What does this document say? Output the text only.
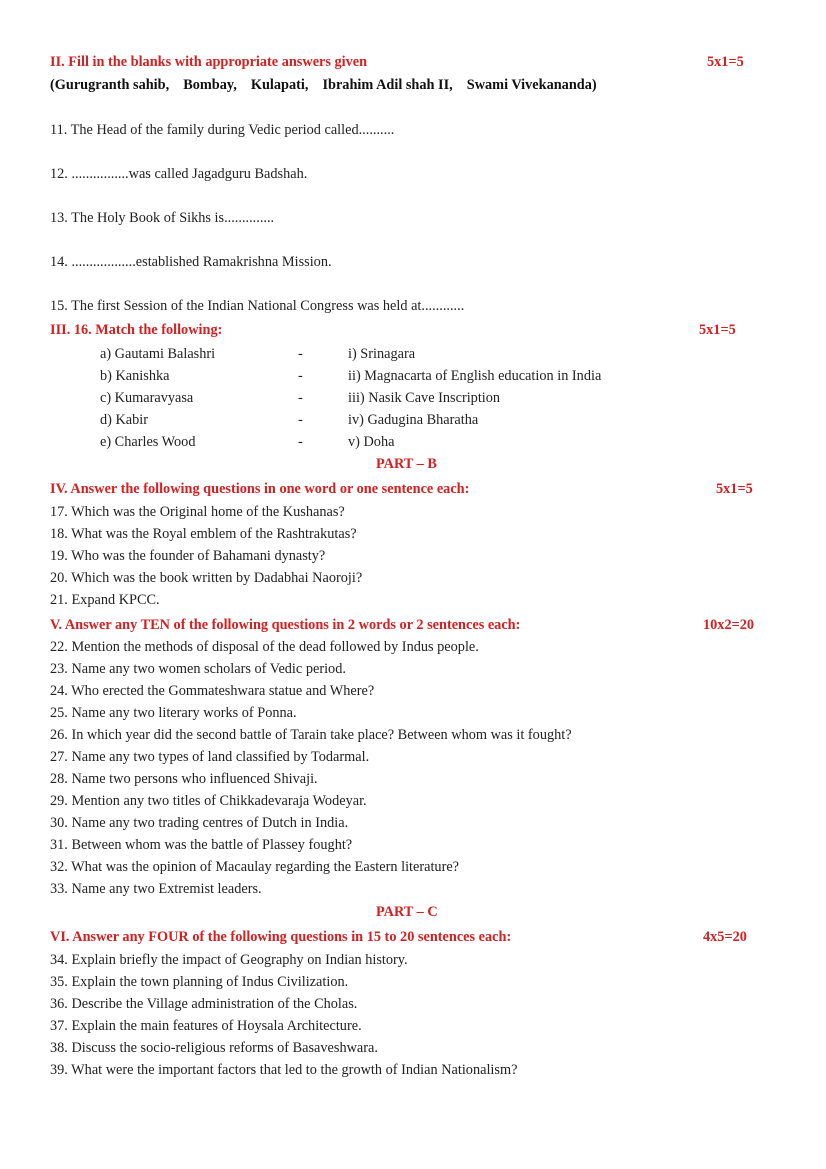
II. Fill in the blanks with appropriate answers given	5x1=5
(Gurugranth sahib, Bombay, Kulapati, Ibrahim Adil shah II, Swami Vivekananda)
11. The Head of the family during Vedic period called..........
12. ................was called Jagadguru Badshah.
13. The Holy Book of Sikhs is..............
14. ..................established Ramakrishna Mission.
15. The first Session of the Indian National Congress was held at............
III. 16. Match the following:	5x1=5
a) Gautami Balashri	-	i) Srinagara
b) Kanishka	-	ii) Magnacarta of English education in India
c) Kumaravyasa	-	iii) Nasik Cave Inscription
d) Kabir	-	iv) Gadugina Bharatha
e) Charles Wood	-	v) Doha
PART – B
IV. Answer the following questions in one word or one sentence each:	5x1=5
17. Which was the Original home of the Kushanas?
18. What was the Royal emblem of the Rashtrakutas?
19. Who was the founder of Bahamani dynasty?
20. Which was the book written by Dadabhai Naoroji?
21. Expand KPCC.
V. Answer any TEN of the following questions in 2 words or 2 sentences each:	10x2=20
22. Mention the methods of disposal of the dead followed by Indus people.
23. Name any two women scholars of Vedic period.
24. Who erected the Gommateshwara statue and Where?
25. Name any two literary works of Ponna.
26. In which year did the second battle of Tarain take place? Between whom was it fought?
27. Name any two types of land classified by Todarmal.
28. Name two persons who influenced Shivaji.
29. Mention any two titles of Chikkadevaraja Wodeyar.
30. Name any two trading centres of Dutch in India.
31. Between whom was the battle of Plassey fought?
32. What was the opinion of Macaulay regarding the Eastern literature?
33. Name any two Extremist leaders.
PART – C
VI. Answer any FOUR of the following questions in 15 to 20 sentences each:	4x5=20
34. Explain briefly the impact of Geography on Indian history.
35. Explain the town planning of Indus Civilization.
36. Describe the Village administration of the Cholas.
37. Explain the main features of Hoysala Architecture.
38. Discuss the socio-religious reforms of Basaveshwara.
39. What were the important factors that led to the growth of Indian Nationalism?
